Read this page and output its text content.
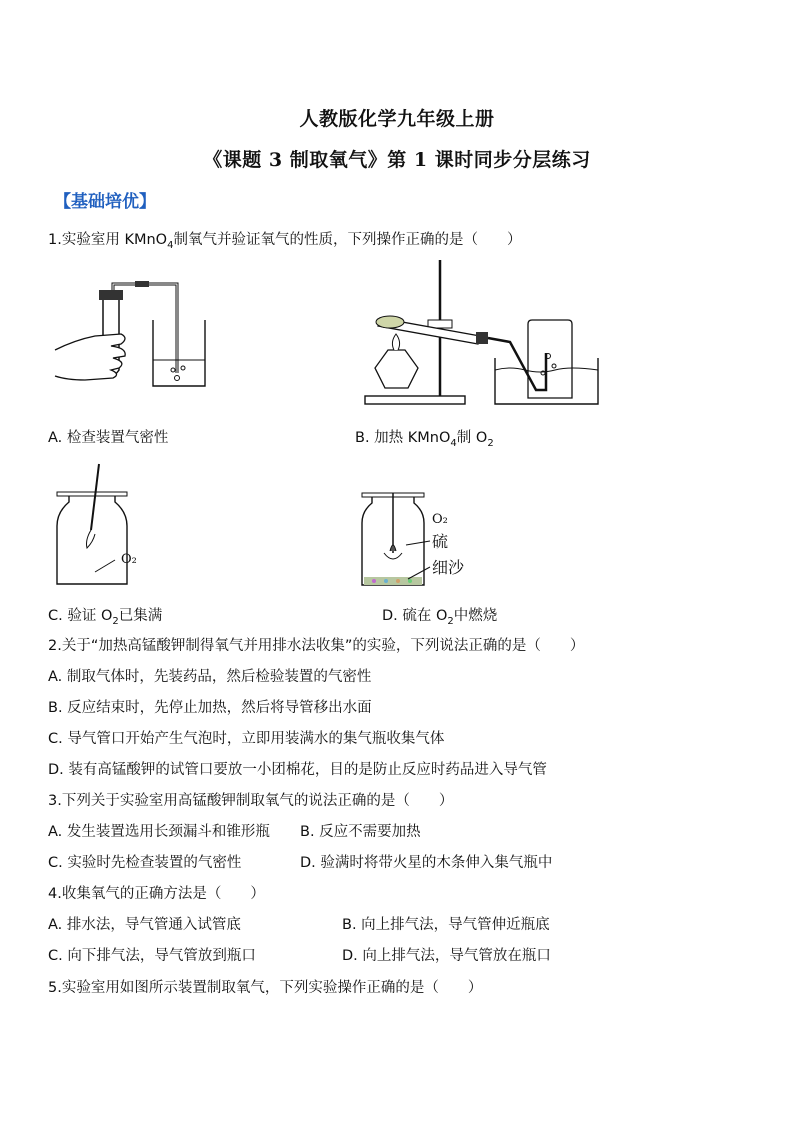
人教版化学九年级上册
《课题 3 制取氧气》第 1 课时同步分层练习
【基础培优】
1.实验室用 KMnO$_4$制氧气并验证氧气的性质，下列操作正确的是（　　）
A. 检查装置气密性	B. 加热 KMnO$_4$制 $O_2$
O₂
O₂
硫
细沙
C. 验证 $O_2$已集满	D. 硫在 $O_2$中燃烧
2.关于“加热高锰酸钾制得氧气并用排水法收集”的实验，下列说法正确的是（　　）
A. 制取气体时，先装药品，然后检验装置的气密性
B. 反应结束时，先停止加热，然后将导管移出水面
C. 导气管口开始产生气泡时，立即用装满水的集气瓶收集气体
D. 装有高锰酸钾的试管口要放一小团棉花，目的是防止反应时药品进入导气管
3.下列关于实验室用高锰酸钾制取氧气的说法正确的是（　　）
A. 发生装置选用长颈漏斗和锥形瓶 B. 反应不需要加热
C. 实验时先检查装置的气密性	D. 验满时将带火星的木条伸入集气瓶中
4.收集氧气的正确方法是（　　）
A. 排水法，导气管通入试管底	B. 向上排气法，导气管伸近瓶底
C. 向下排气法，导气管放到瓶口	D. 向上排气法，导气管放在瓶口
5.实验室用如图所示装置制取氧气，下列实验操作正确的是（　　）
